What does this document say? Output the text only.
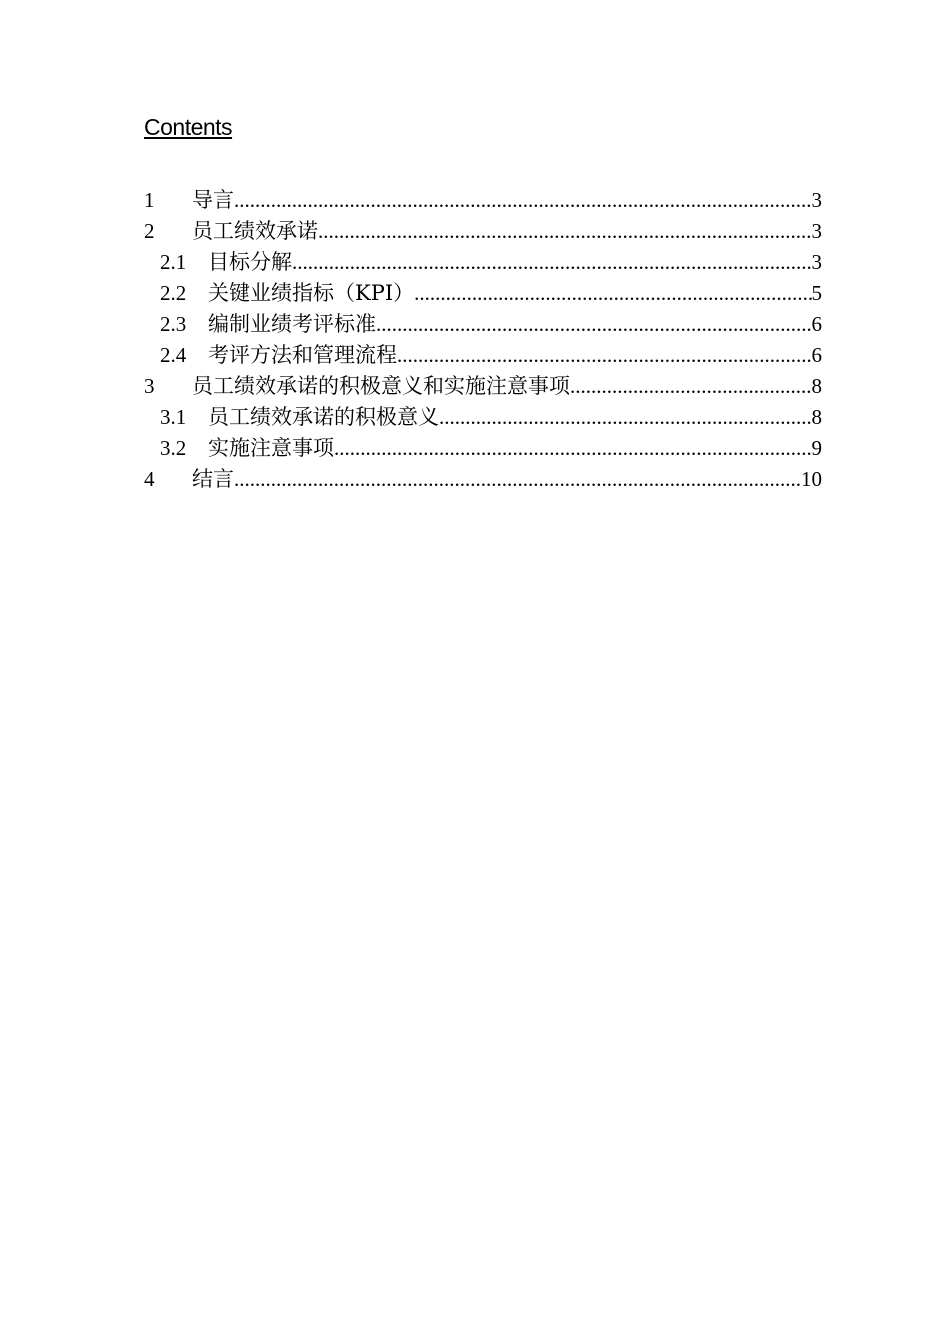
Contents
1	导言 .....	3
2	员工绩效承诺 .....	3
2.1	目标分解 .....	3
2.2	关键业绩指标（KPI） .....	5
2.3	编制业绩考评标准 .....	6
2.4	考评方法和管理流程 .....	6
3	员工绩效承诺的积极意义和实施注意事项 .....	8
3.1	员工绩效承诺的积极意义 .....	8
3.2	实施注意事项 .....	9
4	结言 .....	10
